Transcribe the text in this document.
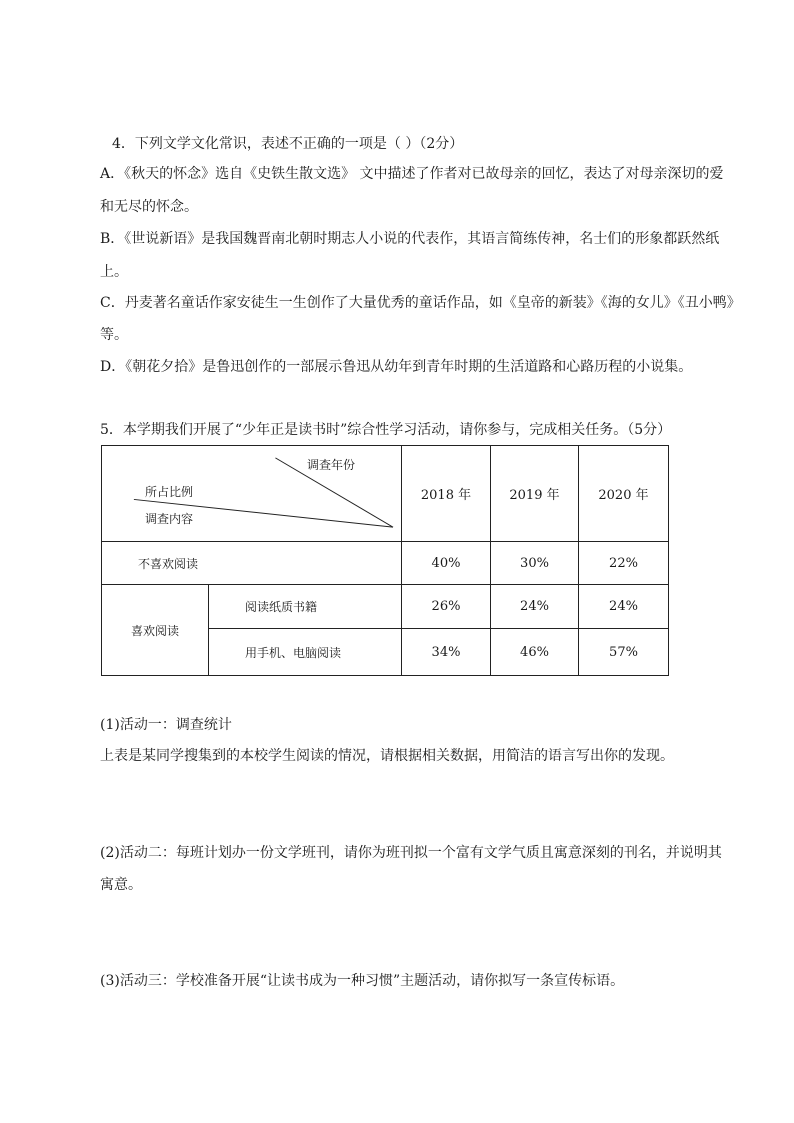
4．下列文学文化常识，表述不正确的一项是（ ）（2分）
A．《秋天的怀念》选自《史铁生散文选》 文中描述了作者对已故母亲的回忆，表达了对母亲深切的爱
和无尽的怀念。
B．《世说新语》是我国魏晋南北朝时期志人小说的代表作，其语言简练传神，名士们的形象都跃然纸
上。
C．丹麦著名童话作家安徒生一生创作了大量优秀的童话作品，如《皇帝的新装》《海的女儿》《丑小鸭》
等。
D．《朝花夕拾》是鲁迅创作的一部展示鲁迅从幼年到青年时期的生活道路和心路历程的小说集。
5．本学期我们开展了“少年正是读书时”综合性学习活动，请你参与，完成相关任务。（5分）
调查年份
所占比例
调查内容		2018 年	2019 年	2020 年
不喜欢阅读		40%	30%	22%
喜欢阅读	阅读纸质书籍	26%	24%	24%
	用手机、电脑阅读	34%	46%	57%
(1)活动一：调查统计
上表是某同学搜集到的本校学生阅读的情况，请根据相关数据，用简洁的语言写出你的发现。
(2)活动二：每班计划办一份文学班刊，请你为班刊拟一个富有文学气质且寓意深刻的刊名，并说明其
寓意。
(3)活动三：学校准备开展“让读书成为一种习惯”主题活动，请你拟写一条宣传标语。
